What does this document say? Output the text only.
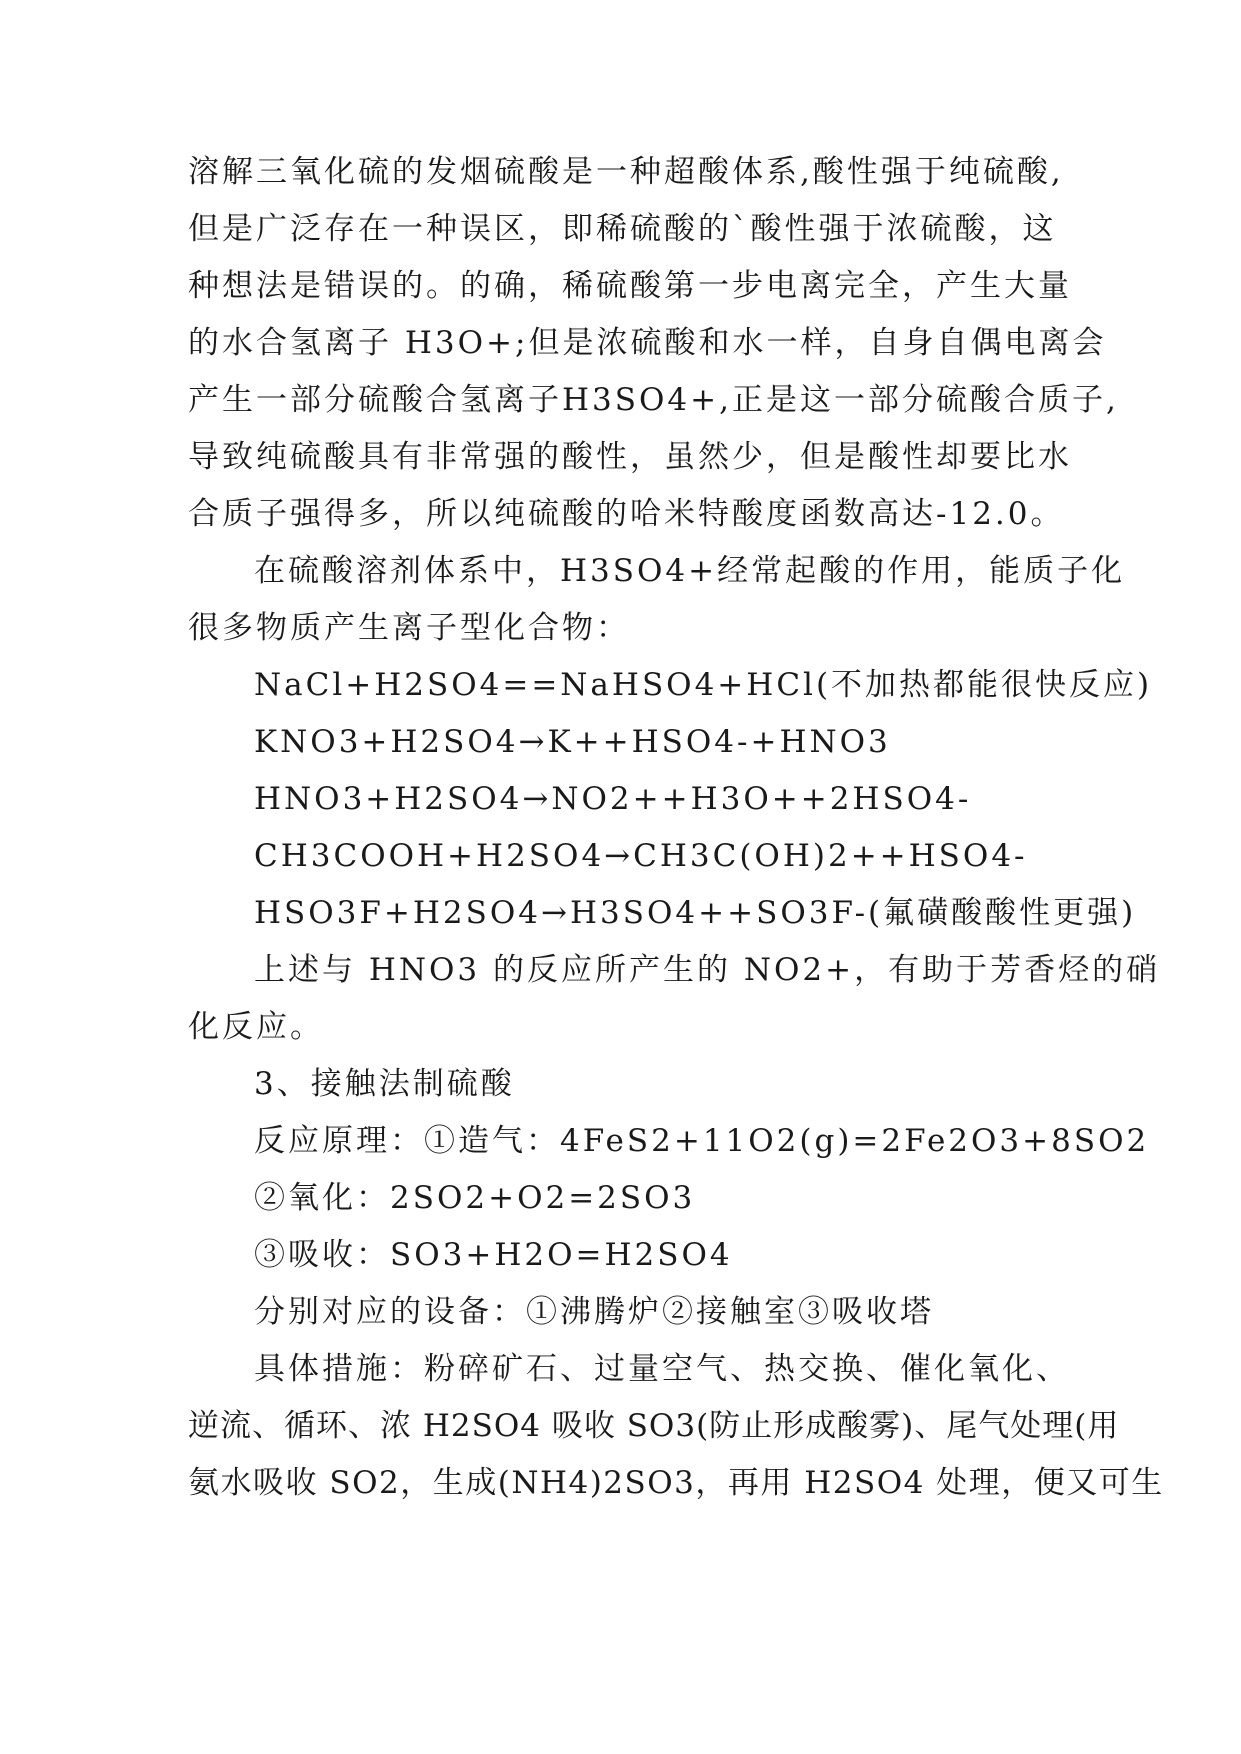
溶解三氧化硫的发烟硫酸是一种超酸体系,酸性强于纯硫酸,
但是广泛存在一种误区，即稀硫酸的`酸性强于浓硫酸，这
种想法是错误的。的确，稀硫酸第一步电离完全，产生大量
的水合氢离子 H3O+;但是浓硫酸和水一样，自身自偶电离会
产生一部分硫酸合氢离子H3SO4+,正是这一部分硫酸合质子,
导致纯硫酸具有非常强的酸性，虽然少，但是酸性却要比水
合质子强得多，所以纯硫酸的哈米特酸度函数高达-12.0。
在硫酸溶剂体系中，H3SO4+经常起酸的作用，能质子化
很多物质产生离子型化合物：
NaCl+H2SO4==NaHSO4+HCl(不加热都能很快反应)
KNO3+H2SO4→K++HSO4-+HNO3
HNO3+H2SO4→NO2++H3O++2HSO4-
CH3COOH+H2SO4→CH3C(OH)2++HSO4-
HSO3F+H2SO4→H3SO4++SO3F-(氟磺酸酸性更强)
上述与 HNO3 的反应所产生的 NO2+，有助于芳香烃的硝
化反应。
3、接触法制硫酸
反应原理：①造气：4FeS2+11O2(g)=2Fe2O3+8SO2
②氧化：2SO2+O2=2SO3
③吸收：SO3+H2O=H2SO4
分别对应的设备：①沸腾炉②接触室③吸收塔
具体措施：粉碎矿石、过量空气、热交换、催化氧化、
逆流、循环、浓 H2SO4 吸收 SO3(防止形成酸雾)、尾气处理(用
氨水吸收 SO2，生成(NH4)2SO3，再用 H2SO4 处理，便又可生
